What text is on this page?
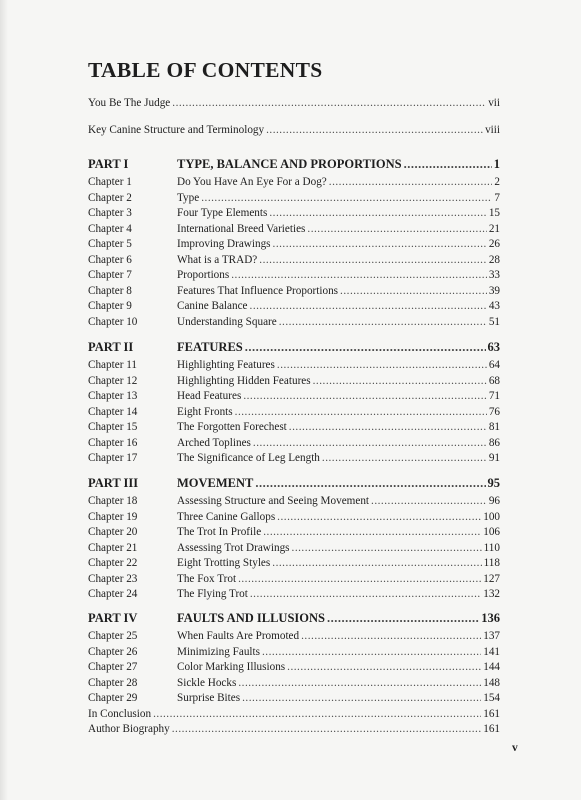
TABLE OF CONTENTS
You Be The Judge .....	vii
Key Canine Structure and Terminology .....	viii
PART I	TYPE, BALANCE AND PROPORTIONS .....	1
Chapter 1	Do You Have An Eye For a Dog? .....	2
Chapter 2	Type .....	7
Chapter 3	Four Type Elements .....	15
Chapter 4	International Breed Varieties .....	21
Chapter 5	Improving Drawings .....	26
Chapter 6	What is a TRAD? .....	28
Chapter 7	Proportions .....	33
Chapter 8	Features That Influence Proportions .....	39
Chapter 9	Canine Balance .....	43
Chapter 10	Understanding Square .....	51
PART II	FEATURES .....	63
Chapter 11	Highlighting Features .....	64
Chapter 12	Highlighting Hidden Features .....	68
Chapter 13	Head Features .....	71
Chapter 14	Eight Fronts .....	76
Chapter 15	The Forgotten Forechest .....	81
Chapter 16	Arched Toplines .....	86
Chapter 17	The Significance of Leg Length .....	91
PART III	MOVEMENT .....	95
Chapter 18	Assessing Structure and Seeing Movement .....	96
Chapter 19	Three Canine Gallops .....	100
Chapter 20	The Trot In Profile .....	106
Chapter 21	Assessing Trot Drawings .....	110
Chapter 22	Eight Trotting Styles .....	118
Chapter 23	The Fox Trot .....	127
Chapter 24	The Flying Trot .....	132
PART IV	FAULTS AND ILLUSIONS .....	136
Chapter 25	When Faults Are Promoted .....	137
Chapter 26	Minimizing Faults .....	141
Chapter 27	Color Marking Illusions .....	144
Chapter 28	Sickle Hocks .....	148
Chapter 29	Surprise Bites .....	154
In Conclusion .....	161
Author Biography .....	161
v
